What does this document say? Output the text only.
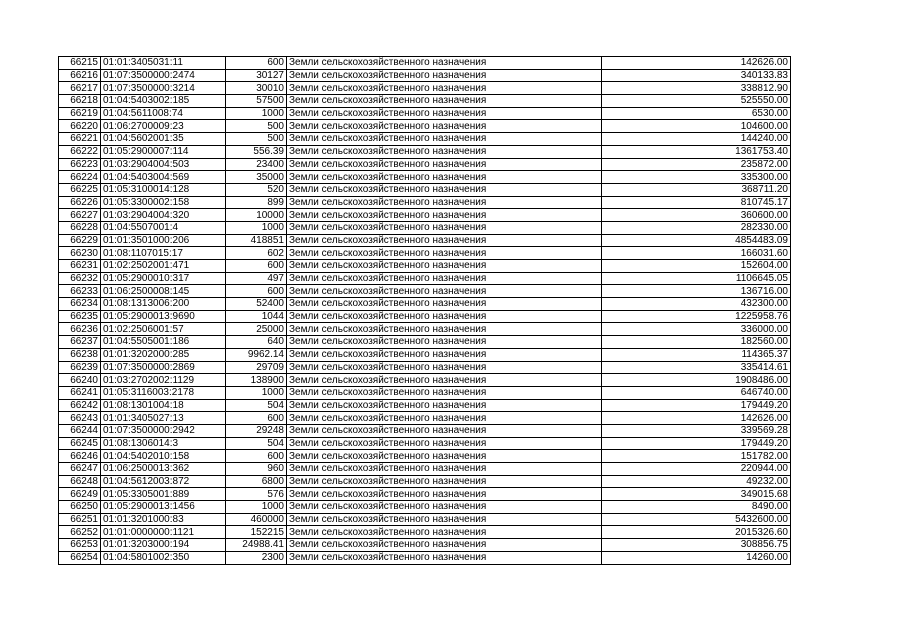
66215	01:01:3405031:11	600	Земли сельскохозяйственного назначения	142626.00
66216	01:07:3500000:2474	30127	Земли сельскохозяйственного назначения	340133.83
66217	01:07:3500000:3214	30010	Земли сельскохозяйственного назначения	338812.90
66218	01:04:5403002:185	57500	Земли сельскохозяйственного назначения	525550.00
66219	01:04:5611008:74	1000	Земли сельскохозяйственного назначения	6530.00
66220	01:06:2700009:23	500	Земли сельскохозяйственного назначения	104600.00
66221	01:04:5602001:35	500	Земли сельскохозяйственного назначения	144240.00
66222	01:05:2900007:114	556.39	Земли сельскохозяйственного назначения	1361753.40
66223	01:03:2904004:503	23400	Земли сельскохозяйственного назначения	235872.00
66224	01:04:5403004:569	35000	Земли сельскохозяйственного назначения	335300.00
66225	01:05:3100014:128	520	Земли сельскохозяйственного назначения	368711.20
66226	01:05:3300002:158	899	Земли сельскохозяйственного назначения	810745.17
66227	01:03:2904004:320	10000	Земли сельскохозяйственного назначения	360600.00
66228	01:04:5507001:4	1000	Земли сельскохозяйственного назначения	282330.00
66229	01:01:3501000:206	418851	Земли сельскохозяйственного назначения	4854483.09
66230	01:08:1107015:17	602	Земли сельскохозяйственного назначения	166031.60
66231	01:02:2502001:471	600	Земли сельскохозяйственного назначения	152604.00
66232	01:05:2900010:317	497	Земли сельскохозяйственного назначения	1106645.05
66233	01:06:2500008:145	600	Земли сельскохозяйственного назначения	136716.00
66234	01:08:1313006:200	52400	Земли сельскохозяйственного назначения	432300.00
66235	01:05:2900013:9690	1044	Земли сельскохозяйственного назначения	1225958.76
66236	01:02:2506001:57	25000	Земли сельскохозяйственного назначения	336000.00
66237	01:04:5505001:186	640	Земли сельскохозяйственного назначения	182560.00
66238	01:01:3202000:285	9962.14	Земли сельскохозяйственного назначения	114365.37
66239	01:07:3500000:2869	29709	Земли сельскохозяйственного назначения	335414.61
66240	01:03:2702002:1129	138900	Земли сельскохозяйственного назначения	1908486.00
66241	01:05:3116003:2178	1000	Земли сельскохозяйственного назначения	646740.00
66242	01:08:1301004:18	504	Земли сельскохозяйственного назначения	179449.20
66243	01:01:3405027:13	600	Земли сельскохозяйственного назначения	142626.00
66244	01:07:3500000:2942	29248	Земли сельскохозяйственного назначения	339569.28
66245	01:08:1306014:3	504	Земли сельскохозяйственного назначения	179449.20
66246	01:04:5402010:158	600	Земли сельскохозяйственного назначения	151782.00
66247	01:06:2500013:362	960	Земли сельскохозяйственного назначения	220944.00
66248	01:04:5612003:872	6800	Земли сельскохозяйственного назначения	49232.00
66249	01:05:3305001:889	576	Земли сельскохозяйственного назначения	349015.68
66250	01:05:2900013:1456	1000	Земли сельскохозяйственного назначения	8490.00
66251	01:01:3201000:83	460000	Земли сельскохозяйственного назначения	5432600.00
66252	01:01:0000000:1121	152215	Земли сельскохозяйственного назначения	2015326.60
66253	01:01:3203000:194	24988.41	Земли сельскохозяйственного назначения	308856.75
66254	01:04:5801002:350	2300	Земли сельскохозяйственного назначения	14260.00
